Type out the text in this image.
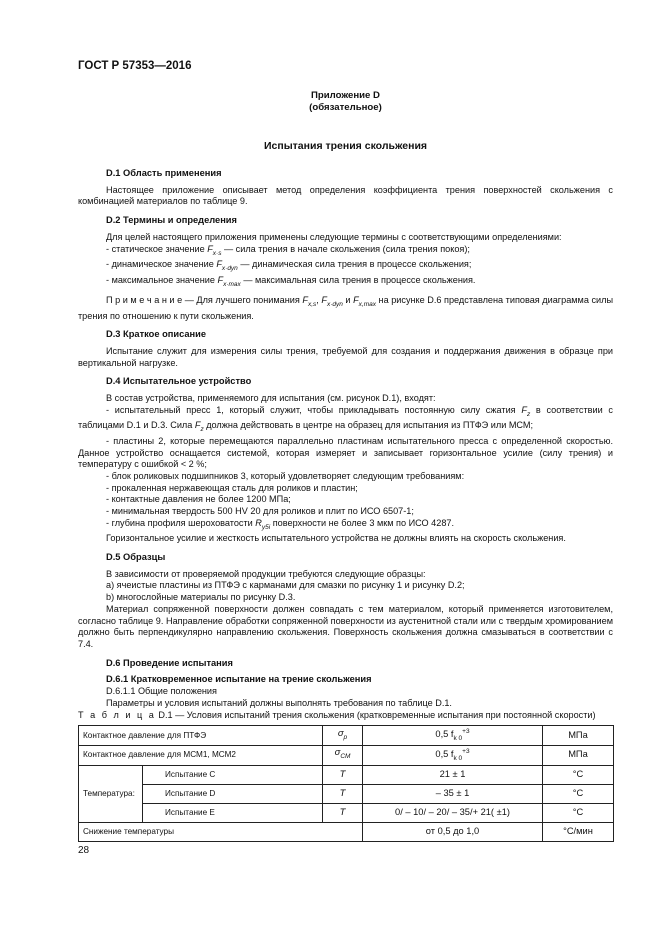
ГОСТ Р 57353—2016
Приложение D
(обязательное)
Испытания трения скольжения
D.1 Область применения

Настоящее приложение описывает метод определения коэффициента трения поверхностей скольжения с комбинацией материалов по таблице 9.

D.2 Термины и определения

Для целей настоящего приложения применены следующие термины с соответствующими определениями:

- статическое значение $F_{x\cdot s}$ — сила трения в начале скольжения (сила трения покоя);

- динамическое значение $F_{x\cdot dyn}$ — динамическая сила трения в процессе скольжения;

- максимальное значение $F_{x\cdot max}$ — максимальная сила трения в процессе скольжения.

П р и м е ч а н и е — Для лучшего понимания $F_{x,s}$, $F_{x\cdot dyn}$ и $F_{x,max}$ на рисунке D.6 представлена типовая диаграмма силы трения по отношению к пути скольжения.

D.3 Краткое описание

Испытание служит для измерения силы трения, требуемой для создания и поддержания движения в образце при вертикальной нагрузке.

D.4 Испытательное устройство

В состав устройства, применяемого для испытания (см. рисунок D.1), входят:

- испытательный пресс 1, который служит, чтобы прикладывать постоянную силу сжатия $F_z$ в соответствии с таблицами D.1 и D.3. Сила $F_z$ должна действовать в центре на образец для испытания из ПТФЭ или МСМ;

- пластины 2, которые перемещаются параллельно пластинам испытательного пресса с определенной скоростью. Данное устройство оснащается системой, которая измеряет и записывает горизонтальное усилие (силу трения) и температуру с ошибкой < 2 %;

- блок роликовых подшипников 3, который удовлетворяет следующим требованиям:

- прокаленная нержавеющая сталь для роликов и пластин;

- контактные давления не более 1200 МПа;

- минимальная твердость 500 HV 20 для роликов и плит по ИСО 6507-1;

- глубина профиля шероховатости $R_{y5i}$ поверхности не более 3 мкм по ИСО 4287.

Горизонтальное усилие и жесткость испытательного устройства не должны влиять на скорость скольжения.

D.5 Образцы

В зависимости от проверяемой продукции требуются следующие образцы:

a) ячеистые пластины из ПТФЭ с карманами для смазки по рисунку 1 и рисунку D.2;

b) многослойные материалы по рисунку D.3.

Материал сопряженной поверхности должен совпадать с тем материалом, который применяется изготовителем, согласно таблице 9. Направление обработки сопряженной поверхности из аустенитной стали или с твердым хромированием должно быть перпендикулярно направлению скольжения. Поверхность скольжения должна смазываться в соответствии с 7.4.

D.6 Проведение испытания
D.6.1 Кратковременное испытание на трение скольжения

D.6.1.1 Общие положения

Параметры и условия испытаний должны выполнять требования по таблице D.1.

Т а б л и ц а D.1 — Условия испытаний трения скольжения (кратковременные испытания при постоянной скорости)

Контактное давление для ПТФЭ		$\sigma_p$	0,5 $f_{k 0}^{+3}$	МПа
Контактное давление для МСМ1, МСМ2		$\sigma_{CM}$	0,5 $f_{k 0}^{+3}$	МПа
Температура:	Испытание С	T	21 ± 1	°C
	Испытание D	T	– 35 ± 1	°C
	Испытание E	T	0/ – 10/ – 20/ – 35/+ 21( ±1)	°C
Снижение температуры			от 0,5 до 1,0	°C/мин
28
